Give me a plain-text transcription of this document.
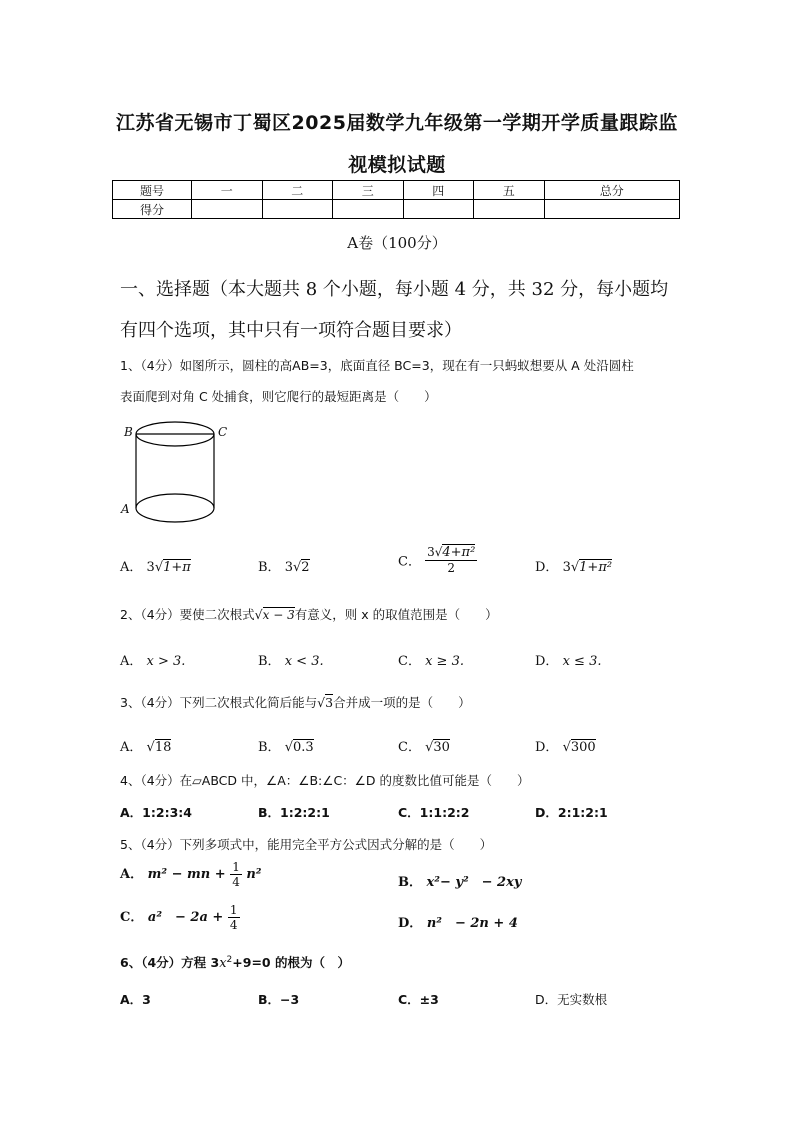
江苏省无锡市丁蜀区2025届数学九年级第一学期开学质量跟踪监
视模拟试题
题号	一	二	三	四	五	总分
得分						
A卷（100分）
一、选择题（本大题共 8 个小题，每小题 4 分，共 32 分，每小题均
有四个选项，其中只有一项符合题目要求）
1、（4分）如图所示，圆柱的高AB=3，底面直径 BC=3，现在有一只蚂蚁想要从 A 处沿圆柱
表面爬到对角 C 处捕食，则它爬行的最短距离是（　　）
B	C
A
A． 3√1+π	B． 3√2	C． $\frac{\text{3√4+π²}}{2}$	D． 3√1+π²
2、（4分）要使二次根式√x − 3有意义，则 x 的取值范围是（　　）
A． x > 3.	B． x < 3.	C． x ≥ 3.	D． x ≤ 3.
3、（4分）下列二次根式化简后能与√3合并成一项的是（　　）
A． √18	B． √0.3	C． √30	D． √300
4、（4分）在▱ABCD 中，∠A：∠B:∠C：∠D 的度数比值可能是（　　）
A．1:2:3:4	B．1:2:2:1	C．1:1:2:2	D．2:1:2:1
5、（4分）下列多项式中，能用完全平方公式因式分解的是（　　）
A． m² − mn + $\frac{1}{4} n^2$
B． x²− y²　− 2xy
C． a²　− $2a + \frac{1}{4}$	D． n²　− 2n + 4
6、（4分）方程 $3x^2+9=0$ 的根为（　）
A．3	B．−3	C．±3	D．无实数根
